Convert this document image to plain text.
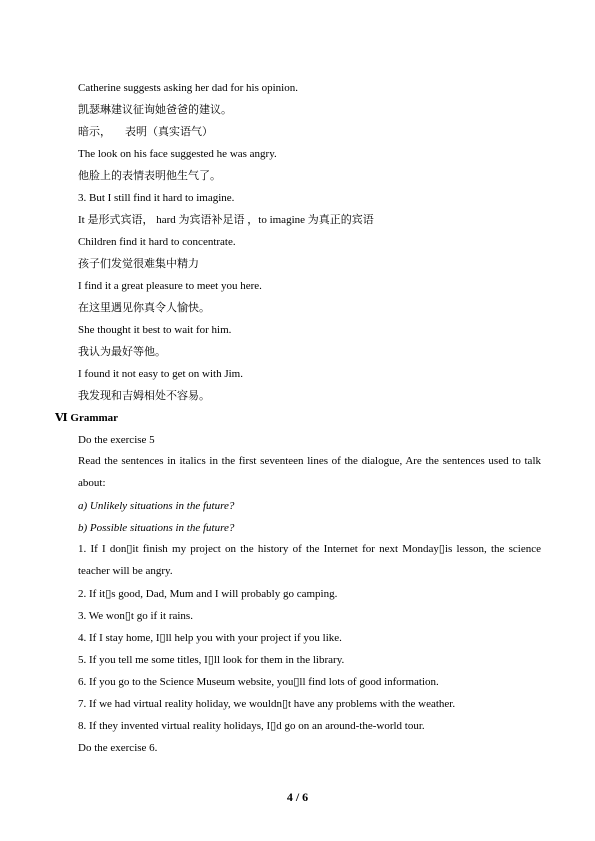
Catherine suggests asking her dad for his opinion.
凯瑟琳建议征询她爸爸的建议。
暗示， 表明（真实语气）
The look on his face suggested he was angry.
他脸上的表情表明他生气了。
3. But I still find it hard to imagine.
It 是形式宾语， hard 为宾语补足语 ，to imagine 为真正的宾语
Children find it hard to concentrate.
孩子们发觉很难集中精力
I find it a great pleasure to meet you here.
在这里遇见你真令人愉快。
She thought it best to wait for him.
我认为最好等他。
I found it not easy to get on with Jim.
我发现和吉姆相处不容易。
Ⅵ Grammar
Do the exercise 5
Read the sentences in italics in the first seventeen lines of the dialogue, Are the sentences used to talk about:
a) Unlikely situations in the future?
b) Possible situations in the future?
1. If I don▯it finish my project on the history of the Internet for next Monday▯is lesson, the science teacher will be angry.
2. If it▯s good, Dad, Mum and I will probably go camping.
3. We won▯t go if it rains.
4. If I stay home, I▯ll help you with your project if you like.
5. If you tell me some titles, I▯ll look for them in the library.
6. If you go to the Science Museum website, you▯ll find lots of good information.
7. If we had virtual reality holiday, we wouldn▯t have any problems with the weather.
8. If they invented virtual reality holidays, I▯d go on an around-the-world tour.
Do the exercise 6.
4 / 6
